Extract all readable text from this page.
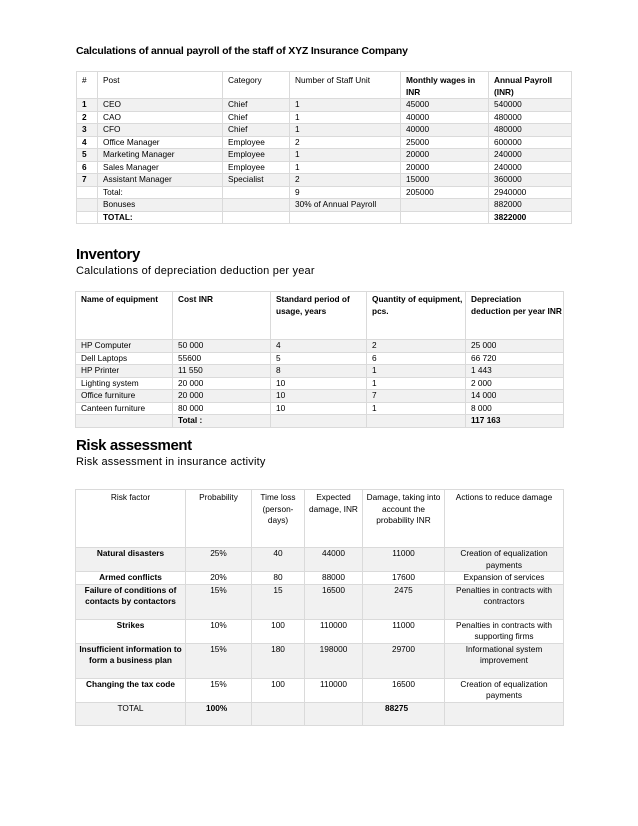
Calculations of annual payroll of the staff of XYZ Insurance Company
#	Post	Category	Number of Staff Unit	Monthly wages in INR	Annual Payroll (INR)
1	CEO	Chief	1	45000	540000
2	CAO	Chief	1	40000	480000
3	CFO	Chief	1	40000	480000
4	Office Manager	Employee	2	25000	600000
5	Marketing Manager	Employee	1	20000	240000
6	Sales Manager	Employee	1	20000	240000
7	Assistant Manager	Specialist	2	15000	360000
	Total:		9	205000	2940000
	Bonuses		30% of Annual Payroll		882000
	TOTAL:				3822000
Inventory
Calculations of depreciation deduction per year
Name of equipment	Cost INR	Standard period of usage, years	Quantity of equipment, pcs.	Depreciation deduction per year INR
HP Computer	50 000	4	2	25 000
Dell Laptops	55600	5	6	66 720
HP Printer	11 550	8	1	1 443
Lighting system	20 000	10	1	2 000
Office furniture	20 000	10	7	14 000
Canteen furniture	80 000	10	1	8 000
	Total :			117 163
Risk assessment
Risk assessment in insurance activity
Risk factor	Probability	Time loss (person-days)	Expected damage, INR	Damage, taking into account the probability INR	Actions to reduce damage
Natural disasters	25%	40	44000	11000	Creation of equalization payments
Armed conflicts	20%	80	88000	17600	Expansion of services
Failure of conditions of contacts by contactors	15%	15	16500	2475	Penalties in contracts with contractors
Strikes	10%	100	110000	11000	Penalties in contracts with supporting firms
Insufficient information to form a business plan	15%	180	198000	29700	Informational system improvement
Changing the tax code	15%	100	110000	16500	Creation of equalization payments
TOTAL	100%			88275	
